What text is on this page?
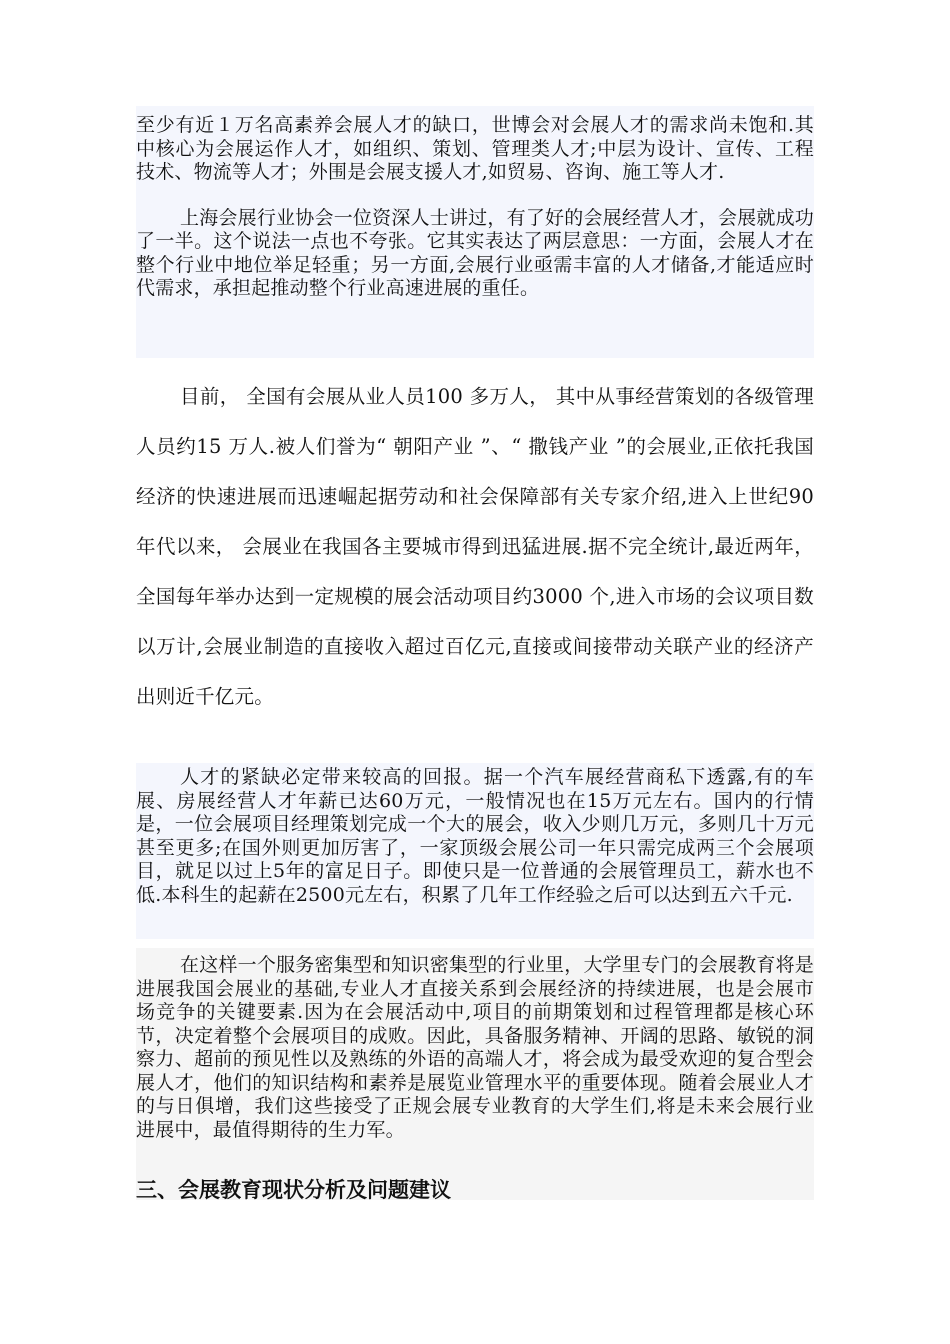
至少有近１万名高素养会展人才的缺口，世博会对会展人才的需求尚未饱和.其中核心为会展运作人才，如组织、策划、管理类人才;中层为设计、宣传、工程技术、物流等人才；外围是会展支援人才,如贸易、咨询、施工等人才.

上海会展行业协会一位资深人士讲过，有了好的会展经营人才，会展就成功了一半。这个说法一点也不夸张。它其实表达了两层意思：一方面，会展人才在整个行业中地位举足轻重；另一方面,会展行业亟需丰富的人才储备,才能适应时代需求，承担起推动整个行业高速进展的重任。

目前， 全国有会展从业人员100 多万人， 其中从事经营策划的各级管理人员约15 万人.被人们誉为“ 朝阳产业 ”、“ 撒钱产业 ”的会展业,正依托我国经济的快速进展而迅速崛起据劳动和社会保障部有关专家介绍,进入上世纪90 年代以来， 会展业在我国各主要城市得到迅猛进展.据不完全统计,最近两年， 全国每年举办达到一定规模的展会活动项目约3000 个,进入市场的会议项目数以万计,会展业制造的直接收入超过百亿元,直接或间接带动关联产业的经济产出则近千亿元。

人才的紧缺必定带来较高的回报。据一个汽车展经营商私下透露,有的车展、房展经营人才年薪已达60万元，一般情况也在15万元左右。国内的行情是，一位会展项目经理策划完成一个大的展会，收入少则几万元，多则几十万元甚至更多;在国外则更加厉害了，一家顶级会展公司一年只需完成两三个会展项目，就足以过上5年的富足日子。即使只是一位普通的会展管理员工，薪水也不低.本科生的起薪在2500元左右，积累了几年工作经验之后可以达到五六千元.

在这样一个服务密集型和知识密集型的行业里，大学里专门的会展教育将是进展我国会展业的基础,专业人才直接关系到会展经济的持续进展，也是会展市场竞争的关键要素.因为在会展活动中,项目的前期策划和过程管理都是核心环节，决定着整个会展项目的成败。因此，具备服务精神、开阔的思路、敏锐的洞察力、超前的预见性以及熟练的外语的高端人才，将会成为最受欢迎的复合型会展人才，他们的知识结构和素养是展览业管理水平的重要体现。随着会展业人才的与日俱增，我们这些接受了正规会展专业教育的大学生们,将是未来会展行业进展中，最值得期待的生力军。

三、会展教育现状分析及问题建议
